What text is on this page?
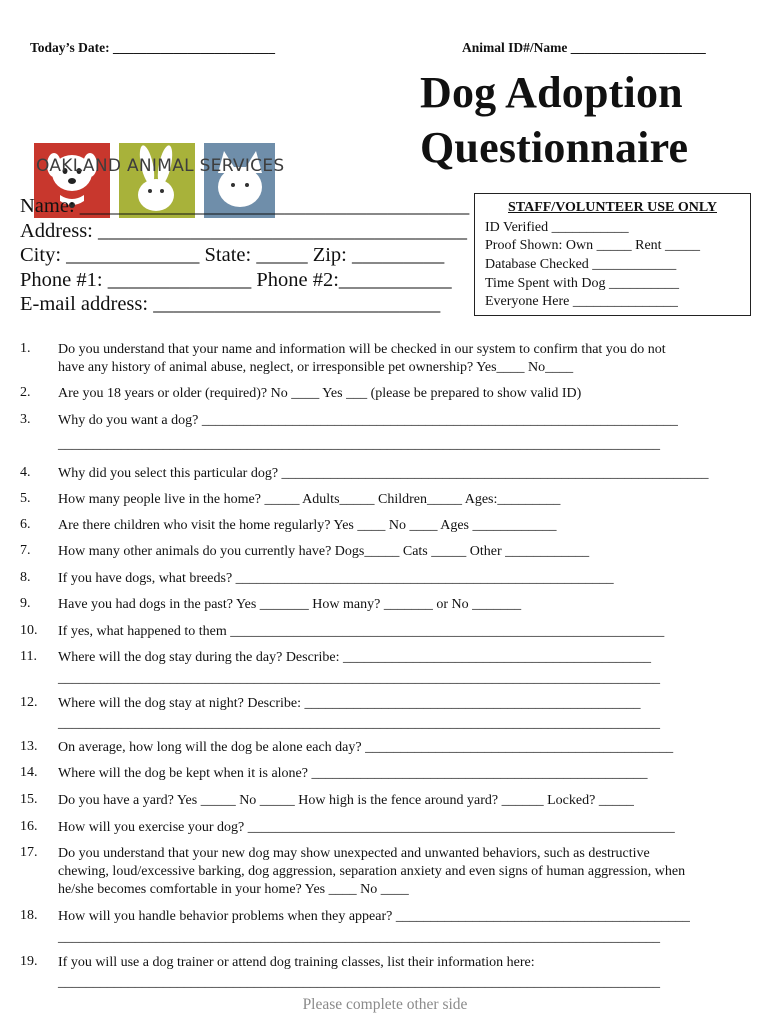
Today’s Date: ________________________	Animal ID#/Name ____________________
OAKLAND ANIMAL SERVICES
Dog Adoption
Questionnaire
Name: ______________________________________
Address: ____________________________________
City: _____________ State: _____ Zip: _________
Phone #1: ______________ Phone #2:___________
E-mail address: ____________________________
STAFF/VOLUNTEER USE ONLY
ID Verified ___________
Proof Shown: Own _____ Rent _____
Database Checked ____________
Time Spent with Dog __________
Everyone Here _______________
1. Do you understand that your name and information will be checked in our system to confirm that you do not
have any history of animal abuse, neglect, or irresponsible pet ownership? Yes____ No____
2. Are you 18 years or older (required)? No ____ Yes ___ (please be prepared to show valid ID)
3. Why do you want a dog? ____________________________________________________________________
______________________________________________________________________________________
4. Why did you select this particular dog? _____________________________________________________________
5. How many people live in the home? _____ Adults_____ Children_____ Ages:_________
6. Are there children who visit the home regularly? Yes ____ No ____ Ages ____________
7. How many other animals do you currently have? Dogs_____ Cats _____ Other ____________
8. If you have dogs, what breeds? ______________________________________________________
9. Have you had dogs in the past? Yes _______ How many? _______ or No _______
10. If yes, what happened to them ______________________________________________________________
11. Where will the dog stay during the day? Describe: ____________________________________________
______________________________________________________________________________________
12. Where will the dog stay at night? Describe: ________________________________________________
______________________________________________________________________________________
13. On average, how long will the dog be alone each day? ____________________________________________
14. Where will the dog be kept when it is alone? ________________________________________________
15. Do you have a yard? Yes _____ No _____ How high is the fence around yard? ______ Locked? _____
16. How will you exercise your dog? _____________________________________________________________
17. Do you understand that your new dog may show unexpected and unwanted behaviors, such as destructive
chewing, loud/excessive barking, dog aggression, separation anxiety and even signs of human aggression, when
he/she becomes comfortable in your home? Yes ____ No ____
18. How will you handle behavior problems when they appear? __________________________________________
______________________________________________________________________________________
19. If you will use a dog trainer or attend dog training classes, list their information here:
______________________________________________________________________________________
Please complete other side
